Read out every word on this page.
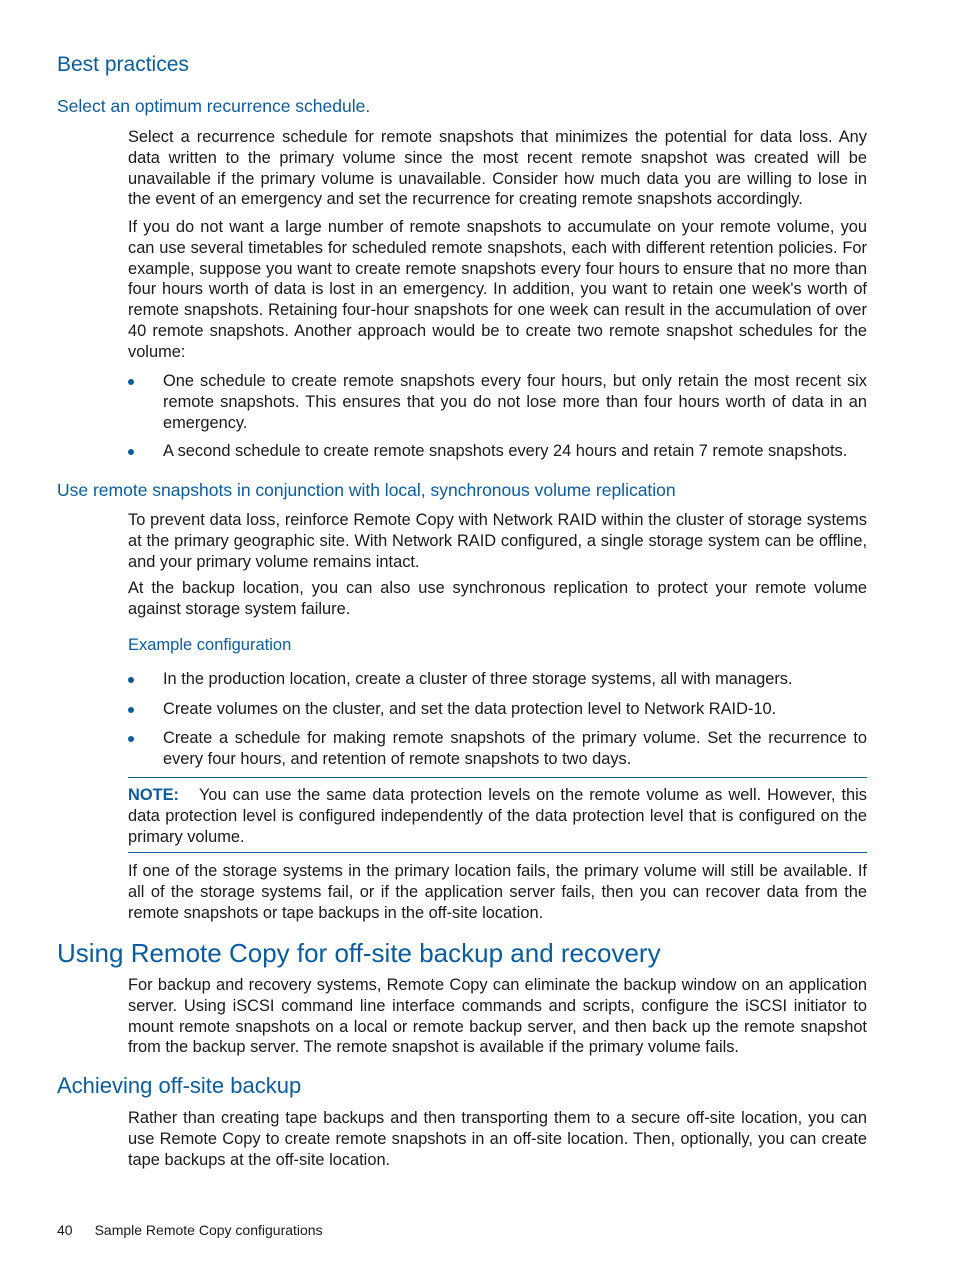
Best practices
Select an optimum recurrence schedule.

Select a recurrence schedule for remote snapshots that minimizes the potential for data loss. Any data written to the primary volume since the most recent remote snapshot was created will be unavailable if the primary volume is unavailable. Consider how much data you are willing to lose in the event of an emergency and set the recurrence for creating remote snapshots accordingly.

If you do not want a large number of remote snapshots to accumulate on your remote volume, you can use several timetables for scheduled remote snapshots, each with different retention policies. For example, suppose you want to create remote snapshots every four hours to ensure that no more than four hours worth of data is lost in an emergency. In addition, you want to retain one week's worth of remote snapshots. Retaining four-hour snapshots for one week can result in the accumulation of over 40 remote snapshots. Another approach would be to create two remote snapshot schedules for the volume:

One schedule to create remote snapshots every four hours, but only retain the most recent six remote snapshots. This ensures that you do not lose more than four hours worth of data in an emergency.
A second schedule to create remote snapshots every 24 hours and retain 7 remote snapshots.
Use remote snapshots in conjunction with local, synchronous volume replication

To prevent data loss, reinforce Remote Copy with Network RAID within the cluster of storage systems at the primary geographic site. With Network RAID configured, a single storage system can be offline, and your primary volume remains intact.

At the backup location, you can also use synchronous replication to protect your remote volume against storage system failure.

Example configuration
In the production location, create a cluster of three storage systems, all with managers.
Create volumes on the cluster, and set the data protection level to Network RAID-10.
Create a schedule for making remote snapshots of the primary volume. Set the recurrence to every four hours, and retention of remote snapshots to two days.
NOTE: You can use the same data protection levels on the remote volume as well. However, this data protection level is configured independently of the data protection level that is configured on the primary volume.

If one of the storage systems in the primary location fails, the primary volume will still be available. If all of the storage systems fail, or if the application server fails, then you can recover data from the remote snapshots or tape backups in the off-site location.

Using Remote Copy for off-site backup and recovery

For backup and recovery systems, Remote Copy can eliminate the backup window on an application server. Using iSCSI command line interface commands and scripts, configure the iSCSI initiator to mount remote snapshots on a local or remote backup server, and then back up the remote snapshot from the backup server. The remote snapshot is available if the primary volume fails.

Achieving off-site backup

Rather than creating tape backups and then transporting them to a secure off-site location, you can use Remote Copy to create remote snapshots in an off-site location. Then, optionally, you can create tape backups at the off-site location.

40 Sample Remote Copy configurations
